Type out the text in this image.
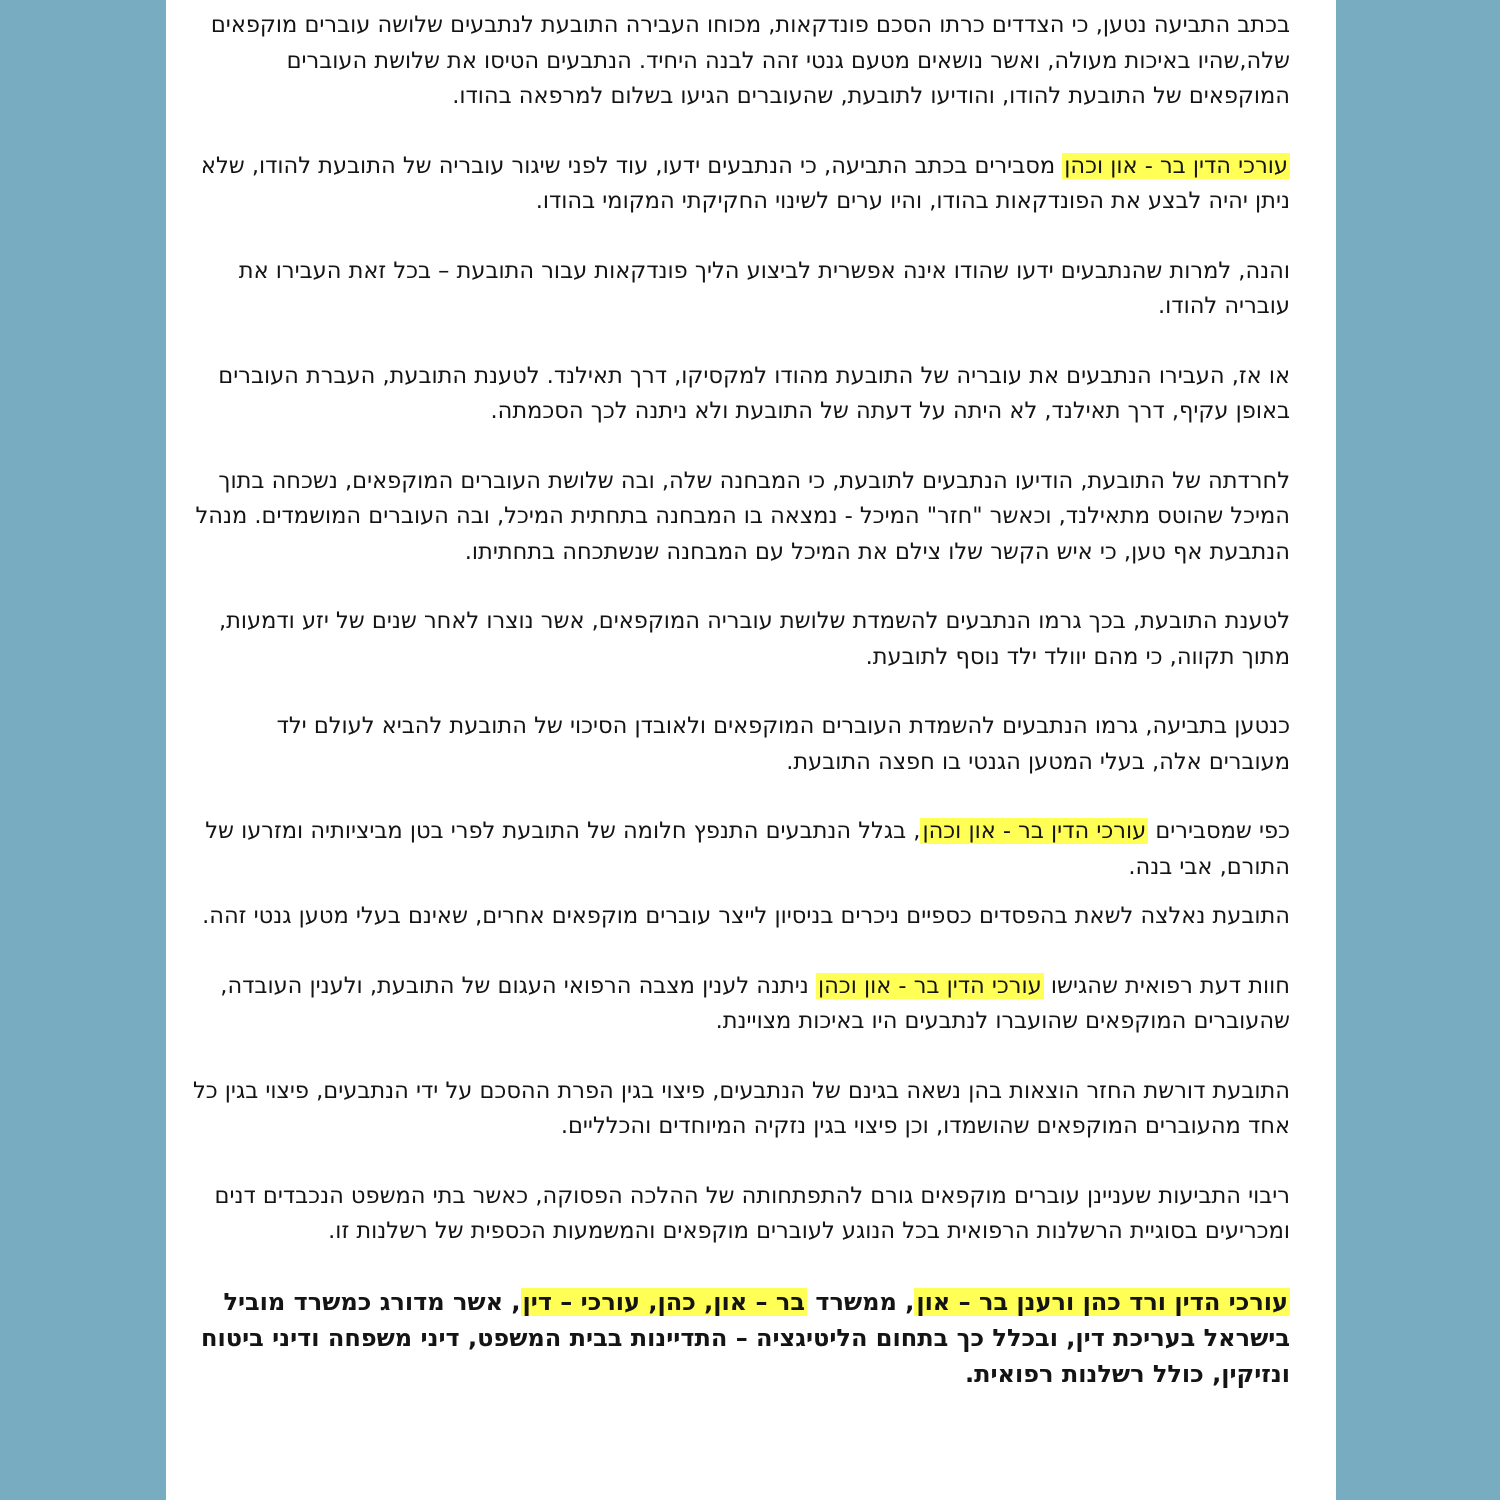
בכתב התביעה נטען, כי הצדדים כרתו הסכם פונדקאות, מכוחו העבירה התובעת לנתבעים שלושה עוברים מוקפאים שלה,שהיו באיכות מעולה, ואשר נושאים מטעם גנטי זהה לבנה היחיד. הנתבעים הטיסו את שלושת העוברים המוקפאים של התובעת להודו, והודיעו לתובעת, שהעוברים הגיעו בשלום למרפאה בהודו.

עורכי הדין בר - און וכהן מסבירים בכתב התביעה, כי הנתבעים ידעו, עוד לפני שיגור עובריה של התובעת להודו, שלא ניתן יהיה לבצע את הפונדקאות בהודו, והיו ערים לשינוי החקיקתי המקומי בהודו.

והנה, למרות שהנתבעים ידעו שהודו אינה אפשרית לביצוע הליך פונדקאות עבור התובעת – בכל זאת העבירו את עובריה להודו.

או אז, העבירו הנתבעים את עובריה של התובעת מהודו למקסיקו, דרך תאילנד. לטענת התובעת, העברת העוברים באופן עקיף, דרך תאילנד, לא היתה על דעתה של התובעת ולא ניתנה לכך הסכמתה.

לחרדתה של התובעת, הודיעו הנתבעים לתובעת, כי המבחנה שלה, ובה שלושת העוברים המוקפאים, נשכחה בתוך המיכל שהוטס מתאילנד, וכאשר "חזר" המיכל - נמצאה בו המבחנה בתחתית המיכל, ובה העוברים המושמדים. מנהל הנתבעת אף טען, כי איש הקשר שלו צילם את המיכל עם המבחנה שנשתכחה בתחתיתו.

לטענת התובעת, בכך גרמו הנתבעים להשמדת שלושת עובריה המוקפאים, אשר נוצרו לאחר שנים של יזע ודמעות, מתוך תקווה, כי מהם יוולד ילד נוסף לתובעת.

כנטען בתביעה, גרמו הנתבעים להשמדת העוברים המוקפאים ולאובדן הסיכוי של התובעת להביא לעולם ילד מעוברים אלה, בעלי המטען הגנטי בו חפצה התובעת.

כפי שמסבירים עורכי הדין בר - און וכהן, בגלל הנתבעים התנפץ חלומה של התובעת לפרי בטן מביציותיה ומזרעו של התורם, אבי בנה.

התובעת נאלצה לשאת בהפסדים כספיים ניכרים בניסיון לייצר עוברים מוקפאים אחרים, שאינם בעלי מטען גנטי זהה.

חוות דעת רפואית שהגישו עורכי הדין בר - און וכהן ניתנה לענין מצבה הרפואי העגום של התובעת, ולענין העובדה, שהעוברים המוקפאים שהועברו לנתבעים היו באיכות מצויינת.

התובעת דורשת החזר הוצאות בהן נשאה בגינם של הנתבעים, פיצוי בגין הפרת ההסכם על ידי הנתבעים, פיצוי בגין כל אחד מהעוברים המוקפאים שהושמדו, וכן פיצוי בגין נזקיה המיוחדים והכלליים.

ריבוי התביעות שעניינן עוברים מוקפאים גורם להתפתחותה של ההלכה הפסוקה, כאשר בתי המשפט הנכבדים דנים ומכריעים בסוגיית הרשלנות הרפואית בכל הנוגע לעוברים מוקפאים והמשמעות הכספית של רשלנות זו.

עורכי הדין ורד כהן ורענן בר – און, ממשרד בר – און, כהן, עורכי – דין, אשר מדורג כמשרד מוביל בישראל בעריכת דין, ובכלל כך בתחום הליטיגציה – התדיינות בבית המשפט, דיני משפחה ודיני ביטוח ונזיקין, כולל רשלנות רפואית.
